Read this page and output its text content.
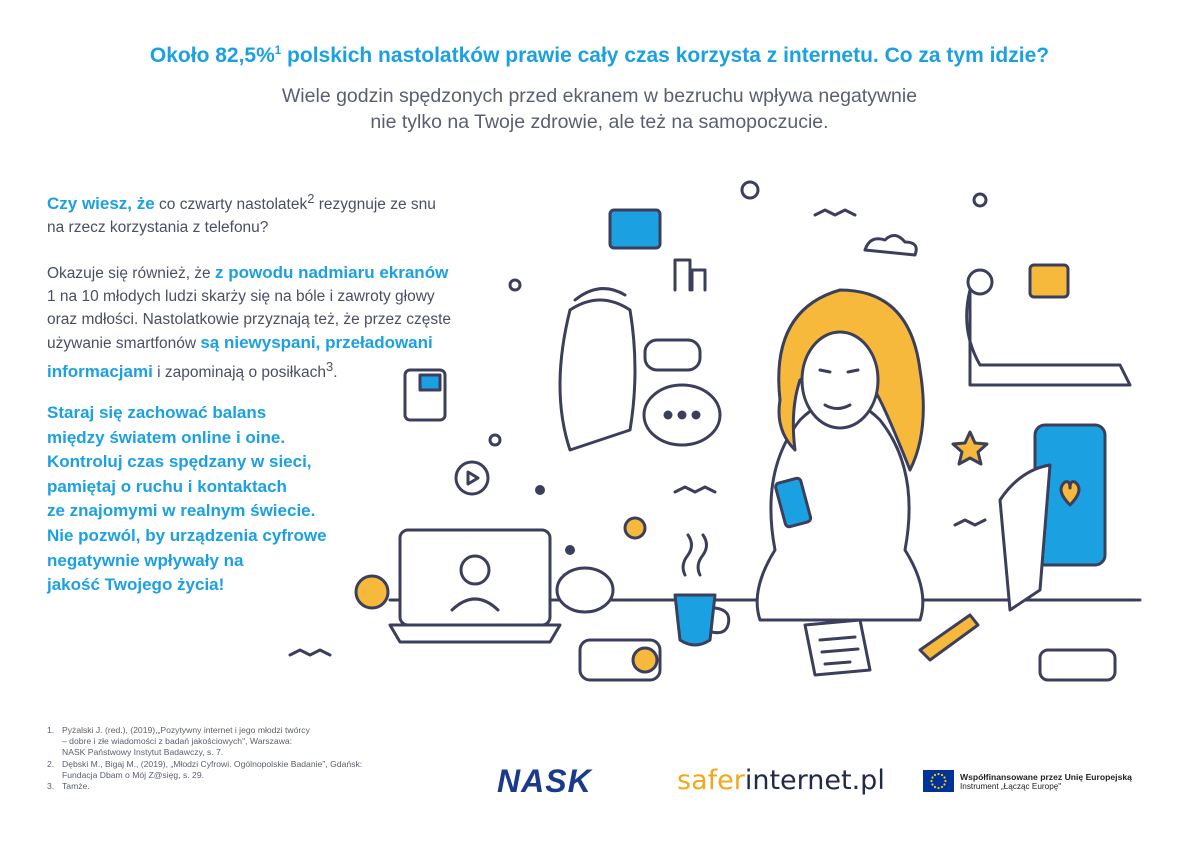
Około 82,5%$^1$ polskich nastolatków prawie cały czas korzysta z internetu. Co za tym idzie?
Wiele godzin spędzonych przed ekranem w bezruchu wpływa negatywnie
nie tylko na Twoje zdrowie, ale też na samopoczucie.
Czy wiesz, że co czwarty nastolatek$^2$ rezygnuje ze snu
na rzecz korzystania z telefonu?
Okazuje się również, że z powodu nadmiaru ekranów
1 na 10 młodych ludzi skarży się na bóle i zawroty głowy
oraz mdłości. Nastolatkowie przyznają też, że przez częste
używanie smartfonów są niewyspani, przeładowani
informacjami i zapominają o posiłkach$^3$.
Staraj się zachować balans
między światem online i oine.
Kontroluj czas spędzany w sieci,
pamiętaj o ruchu i kontaktach
ze znajomymi w realnym świecie.
Nie pozwól, by urządzenia cyfrowe
negatywnie wpływały na
jakość Twojego życia!
1. Pyżalski J. (red.), (2019),„Pozytywny internet i jego młodzi twórcy
– dobre i złe wiadomości z badań jakościowych", Warszawa:
NASK Państwowy Instytut Badawczy, s. 7.
2. Dębski M., Bigaj M., (2019), „Młodzi Cyfrowi. Ogólnopolskie Badanie", Gdańsk:
Fundacja Dbam o Mój Z@sięg, s. 29.
3. Tamże.	NASK	saferinternet.pl	Współfinansowane przez Unię Europejską
Instrument „Łącząc Europę"
